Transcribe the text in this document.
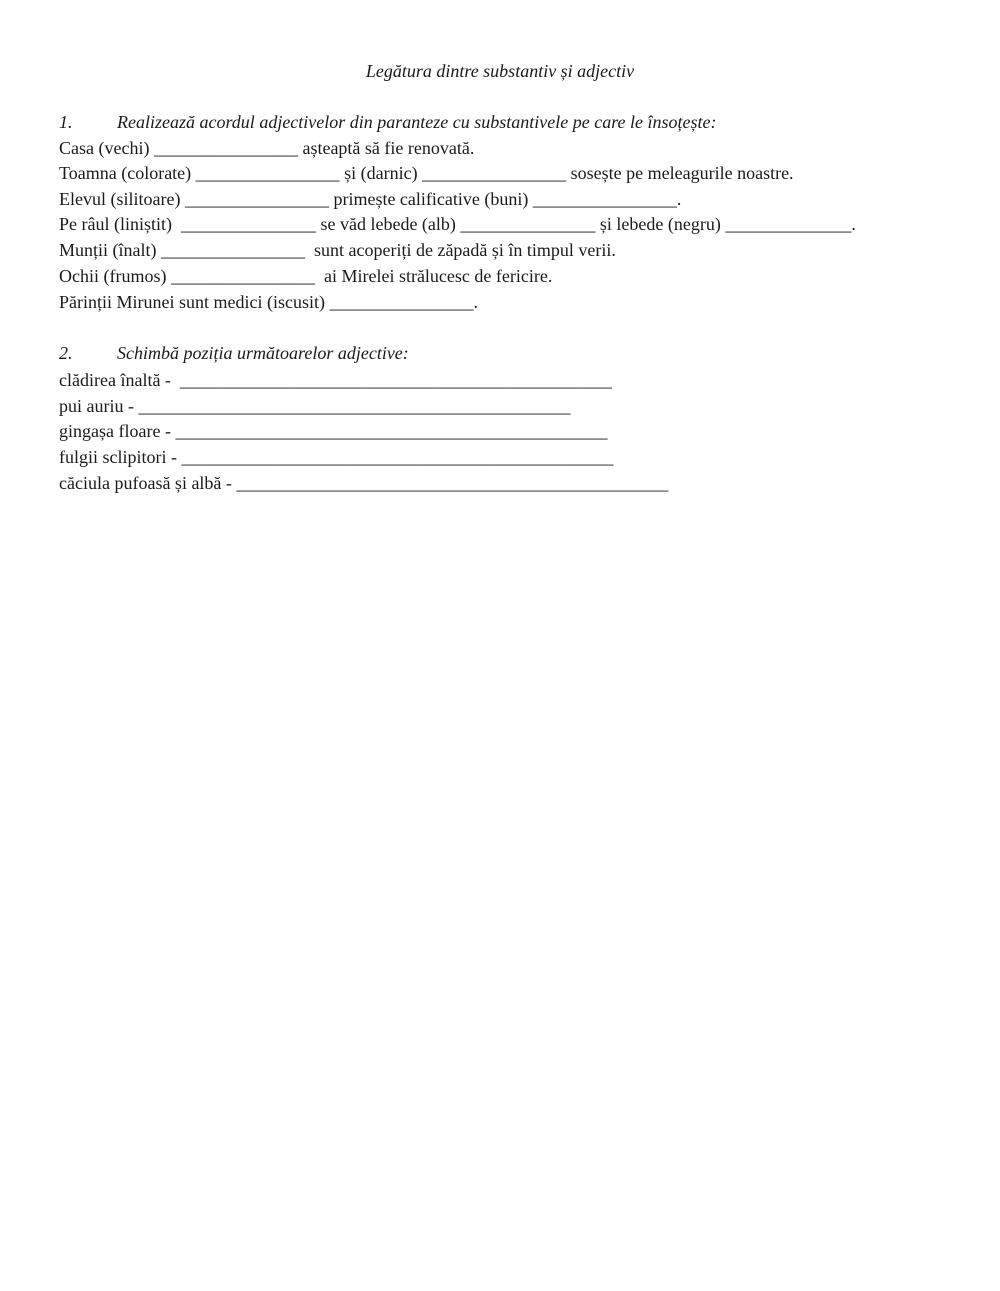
Legătura dintre substantiv și adjectiv
1. Realizează acordul adjectivelor din paranteze cu substantivele pe care le însoțește:
Casa (vechi) ________________ așteaptă să fie renovată.
Toamna (colorate) ________________ și (darnic) ________________ sosește pe meleagurile noastre.
Elevul (silitoare) ________________ primește calificative (buni) ________________.
Pe râul (liniștit)  _______________ se văd lebede (alb) _______________ și lebede (negru) ______________.
Munții (înalt) ________________  sunt acoperiți de zăpadă și în timpul verii.
Ochii (frumos) ________________  ai Mirelei strălucesc de fericire.
Părinții Mirunei sunt medici (iscusit) ________________.
2. Schimbă poziția următoarelor adjective:
clădirea înaltă -  ________________________________________________
pui auriu - ________________________________________________
gingașa floare - ________________________________________________
fulgii sclipitori - ________________________________________________
căciula pufoasă și albă - ________________________________________________
